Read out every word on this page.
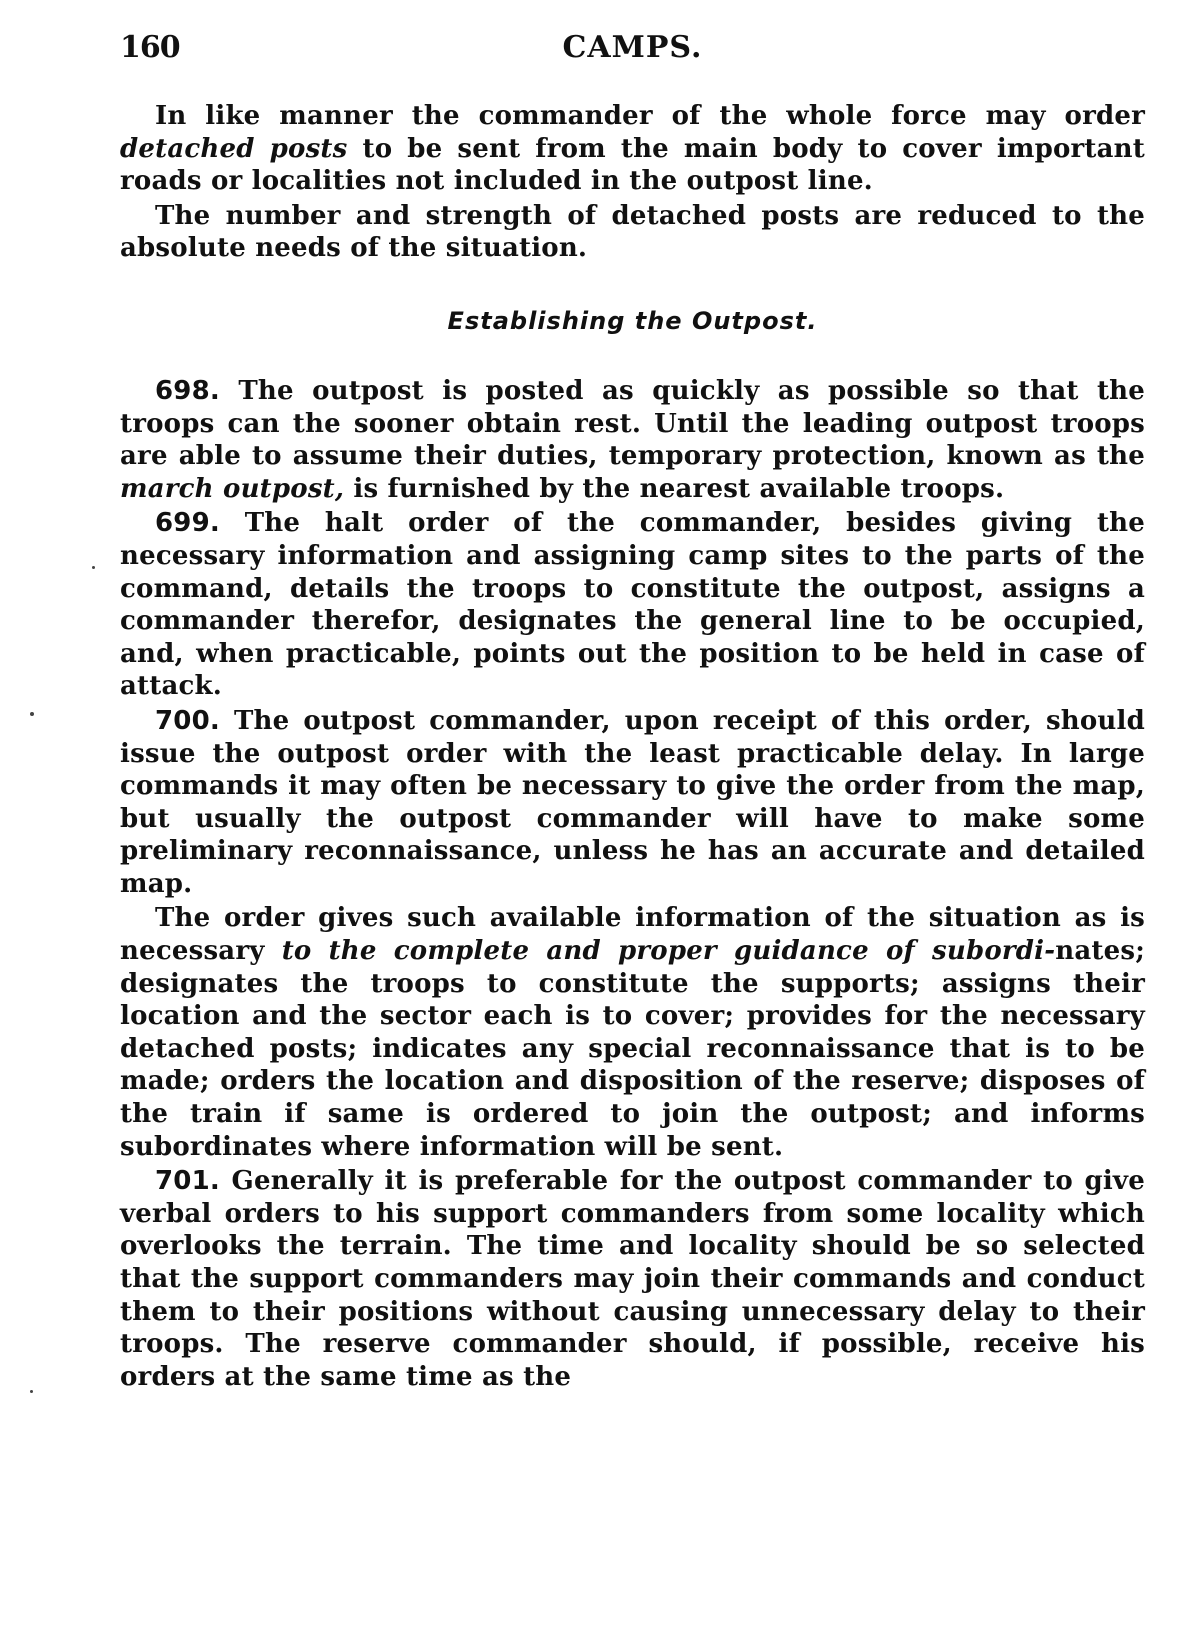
160	CAMPS.

In like manner the commander of the whole force may order detached posts to be sent from the main body to cover important roads or localities not included in the outpost line.

The number and strength of detached posts are reduced to the absolute needs of the situation.

Establishing the Outpost.

698. The outpost is posted as quickly as possible so that the troops can the sooner obtain rest. Until the leading outpost troops are able to assume their duties, temporary protection, known as the march outpost, is furnished by the nearest available troops.

699. The halt order of the commander, besides giving the necessary information and assigning camp sites to the parts of the command, details the troops to constitute the outpost, assigns a commander therefor, designates the general line to be occupied, and, when practicable, points out the position to be held in case of attack.

700. The outpost commander, upon receipt of this order, should issue the outpost order with the least practicable delay. In large commands it may often be necessary to give the order from the map, but usually the outpost commander will have to make some preliminary reconnaissance, unless he has an accurate and detailed map.

The order gives such available information of the situation as is necessary to the complete and proper guidance of subordi-nates; designates the troops to constitute the supports; assigns their location and the sector each is to cover; provides for the necessary detached posts; indicates any special reconnaissance that is to be made; orders the location and disposition of the reserve; disposes of the train if same is ordered to join the outpost; and informs subordinates where information will be sent.

701. Generally it is preferable for the outpost commander to give verbal orders to his support commanders from some locality which overlooks the terrain. The time and locality should be so selected that the support commanders may join their commands and conduct them to their positions without causing unnecessary delay to their troops. The reserve commander should, if possible, receive his orders at the same time as the
